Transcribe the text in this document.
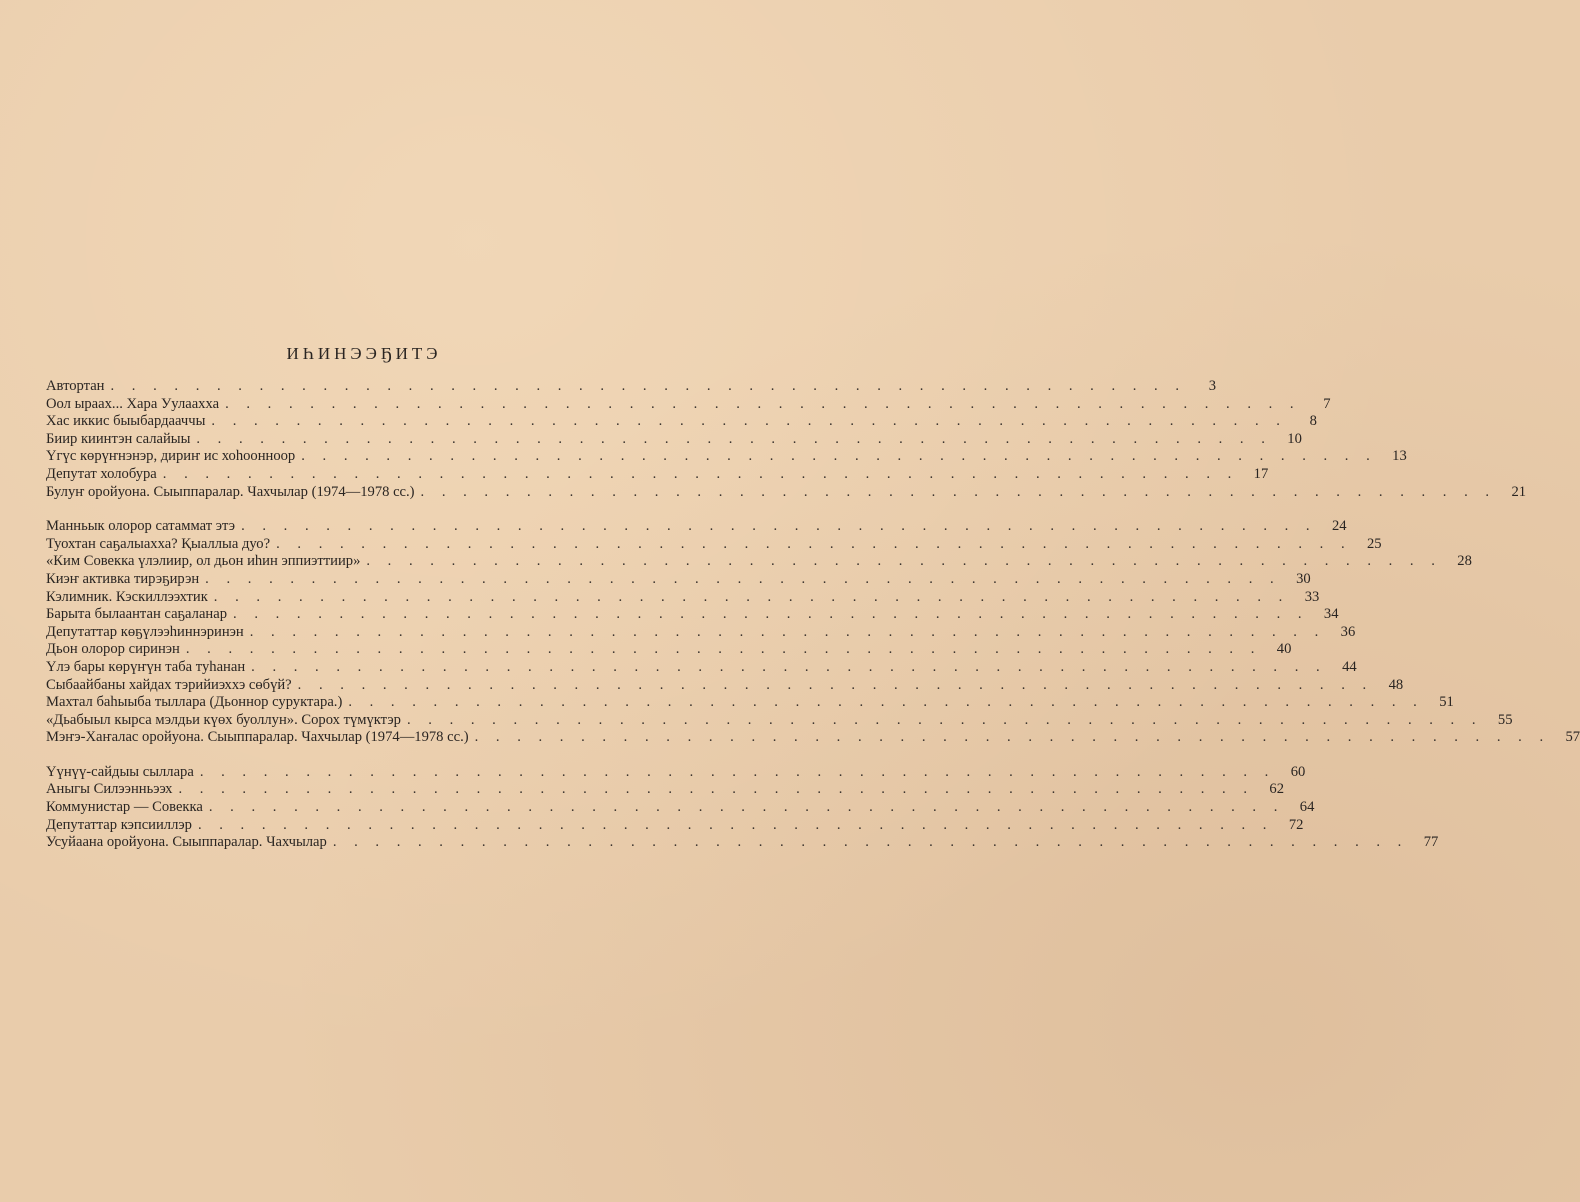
ИҺИНЭЭҔИТЭ
Автортан . . . . . . . . . . . . . . . . . . . . . . . . . . . . . . . . . . . . . . . . . . . . . . . . . . .	3
Оол ыраах... Хара Уулаахха . . . . . . . . . . . . . . . . . . . . . . . . . . . . . . . . . . . . . . . . . . . . . . . . . . .	7
Хас иккис быыбардааччы . . . . . . . . . . . . . . . . . . . . . . . . . . . . . . . . . . . . . . . . . . . . . . . . . . .	8
Биир киинтэн салайыы . . . . . . . . . . . . . . . . . . . . . . . . . . . . . . . . . . . . . . . . . . . . . . . . . . .	10
Үгүс көрүҥнэнэр, дириҥ ис хоһоонноор . . . . . . . . . . . . . . . . . . . . . . . . . . . . . . . . . . . . . . . . . . . . . . . . . . .	13
Депутат холобура . . . . . . . . . . . . . . . . . . . . . . . . . . . . . . . . . . . . . . . . . . . . . . . . . . .	17
Булуҥ оройуона. Сыыппаралар. Чахчылар (1974—1978 сс.) . . . . . . . . . . . . . . . . . . . . . . . . . . . . . . . . . . . . . . . . . . . . . . . . . . .	21
Манньык олорор сатаммат этэ . . . . . . . . . . . . . . . . . . . . . . . . . . . . . . . . . . . . . . . . . . . . . . . . . . .	24
Туохтан саҕалыахха? Қыаллыа дуо? . . . . . . . . . . . . . . . . . . . . . . . . . . . . . . . . . . . . . . . . . . . . . . . . . . .	25
«Ким Совекка үлэлиир, ол дьон иһин эппиэттиир» . . . . . . . . . . . . . . . . . . . . . . . . . . . . . . . . . . . . . . . . . . . . . . . . . . .	28
Киэҥ активка тирэҕирэн . . . . . . . . . . . . . . . . . . . . . . . . . . . . . . . . . . . . . . . . . . . . . . . . . . .	30
Кэлимник. Кэскиллээхтик . . . . . . . . . . . . . . . . . . . . . . . . . . . . . . . . . . . . . . . . . . . . . . . . . . .	33
Барыта былаантан саҕаланар . . . . . . . . . . . . . . . . . . . . . . . . . . . . . . . . . . . . . . . . . . . . . . . . . . .	34
Депутаттар көҕүлээһиннэринэн . . . . . . . . . . . . . . . . . . . . . . . . . . . . . . . . . . . . . . . . . . . . . . . . . . .	36
Дьон олорор сиринэн . . . . . . . . . . . . . . . . . . . . . . . . . . . . . . . . . . . . . . . . . . . . . . . . . . .	40
Үлэ бары көрүҥүн таба туһанан . . . . . . . . . . . . . . . . . . . . . . . . . . . . . . . . . . . . . . . . . . . . . . . . . . .	44
Сыбаайбаны хайдах тэрийиэххэ сөбүй? . . . . . . . . . . . . . . . . . . . . . . . . . . . . . . . . . . . . . . . . . . . . . . . . . . .	48
Махтал баһыыба тыллара (Дьоннор суруктара.) . . . . . . . . . . . . . . . . . . . . . . . . . . . . . . . . . . . . . . . . . . . . . . . . . . .	51
«Дьабыыл кырса мэлдьи күөх буоллун». Сорох түмүктэр . . . . . . . . . . . . . . . . . . . . . . . . . . . . . . . . . . . . . . . . . . . . . . . . . . .	55
Мэҥэ-Хаҥалас оройуона. Сыыппаралар. Чахчылар (1974—1978 сс.) . . . . . . . . . . . . . . . . . . . . . . . . . . . . . . . . . . . . . . . . . . . . . . . . . . .	57
Үүнүү-сайдыы сыллара . . . . . . . . . . . . . . . . . . . . . . . . . . . . . . . . . . . . . . . . . . . . . . . . . . .	60
Аныгы Силээнньээх . . . . . . . . . . . . . . . . . . . . . . . . . . . . . . . . . . . . . . . . . . . . . . . . . . .	62
Коммунистар — Совекка . . . . . . . . . . . . . . . . . . . . . . . . . . . . . . . . . . . . . . . . . . . . . . . . . . .	64
Депутаттар кэпсииллэр . . . . . . . . . . . . . . . . . . . . . . . . . . . . . . . . . . . . . . . . . . . . . . . . . . .	72
Усуйаана оройуона. Сыыппаралар. Чахчылар . . . . . . . . . . . . . . . . . . . . . . . . . . . . . . . . . . . . . . . . . . . . . . . . . . .	77
